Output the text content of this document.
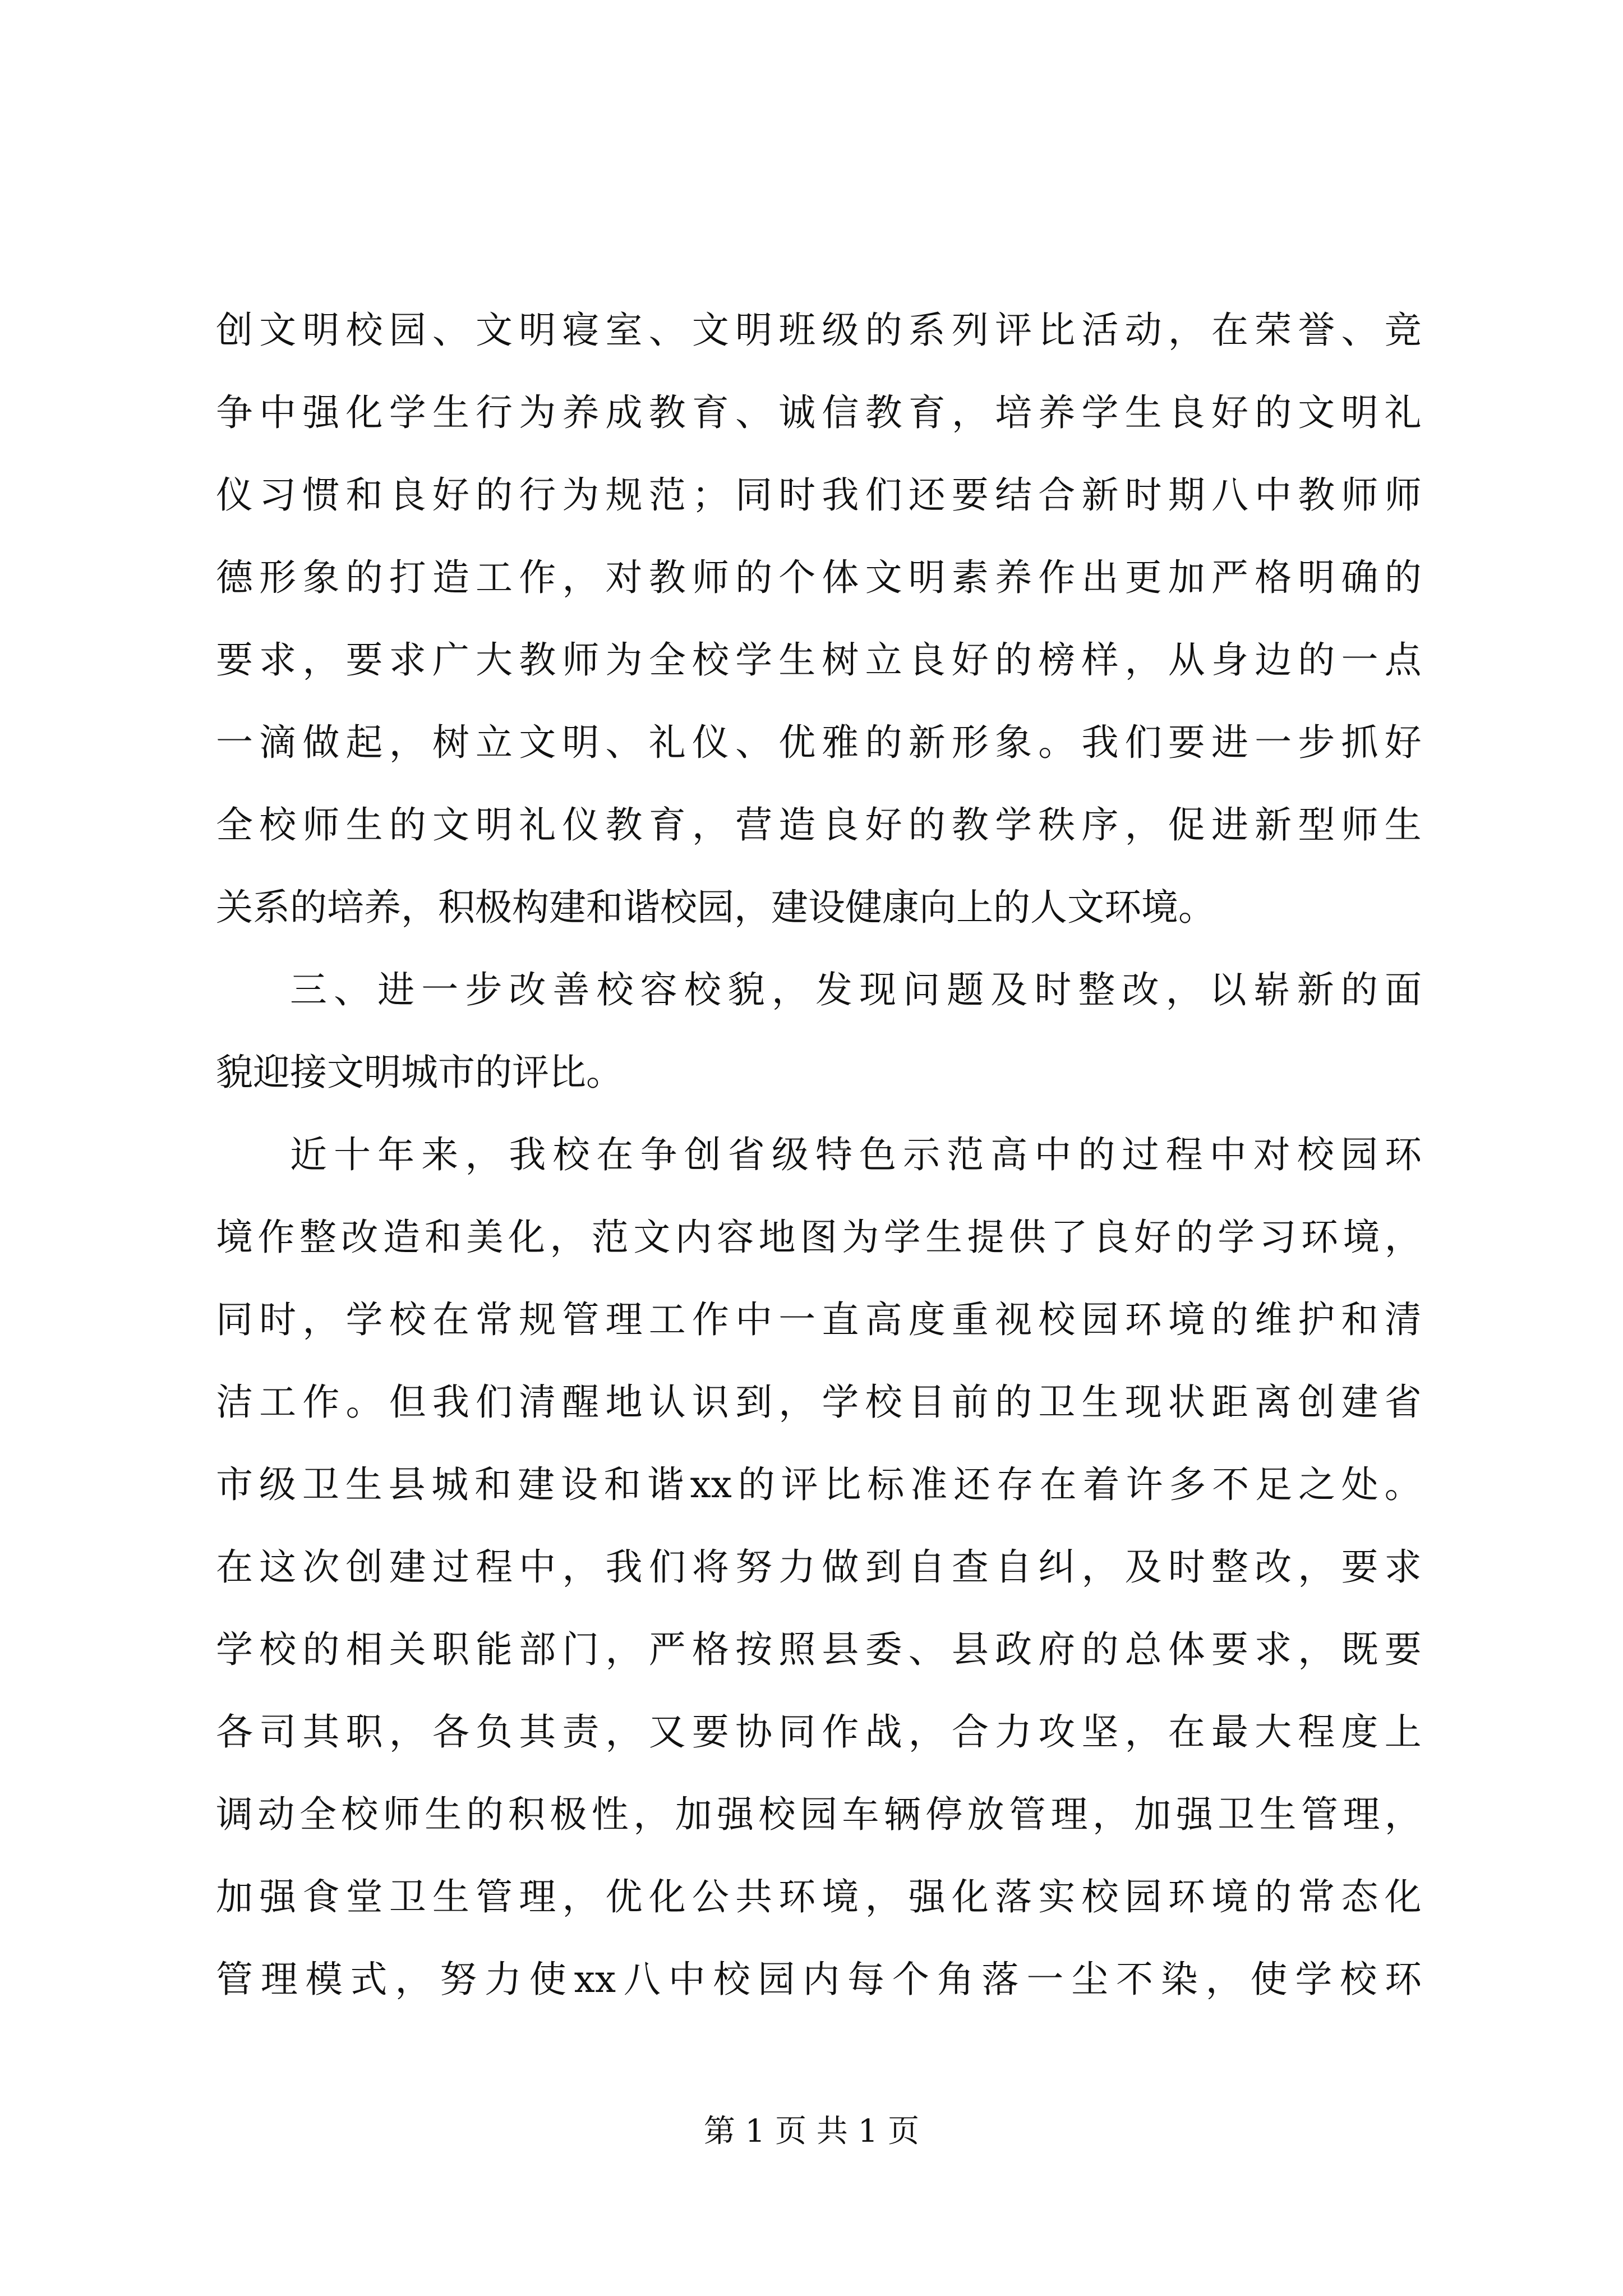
创 文 明 校 园 、 文 明 寝 室 、 文 明 班 级 的 系 列 评 比 活 动 ， 在 荣 誉 、 竞
争 中 强 化 学 生 行 为 养 成 教 育 、 诚 信 教 育 ， 培 养 学 生 良 好 的 文 明 礼
仪 习 惯 和 良 好 的 行 为 规 范 ； 同 时 我 们 还 要 结 合 新 时 期 八 中 教 师 师
德 形 象 的 打 造 工 作 ， 对 教 师 的 个 体 文 明 素 养 作 出 更 加 严 格 明 确 的
要 求 ， 要 求 广 大 教 师 为 全 校 学 生 树 立 良 好 的 榜 样 ， 从 身 边 的 一 点
一 滴 做 起 ， 树 立 文 明 、 礼 仪 、 优 雅 的 新 形 象 。 我 们 要 进 一 步 抓 好
全 校 师 生 的 文 明 礼 仪 教 育 ， 营 造 良 好 的 教 学 秩 序 ， 促 进 新 型 师 生
关系的培养，积极构建和谐校园，建设健康向上的人文环境。
三 、 进 一 步 改 善 校 容 校 貌 ， 发 现 问 题 及 时 整 改 ， 以 崭 新 的 面
貌迎接文明城市的评比。
近 十 年 来 ， 我 校 在 争 创 省 级 特 色 示 范 高 中 的 过 程 中 对 校 园 环
境 作 整 改 造 和 美 化 ， 范 文 内 容 地 图 为 学 生 提 供 了 良 好 的 学 习 环 境 ，
同 时 ， 学 校 在 常 规 管 理 工 作 中 一 直 高 度 重 视 校 园 环 境 的 维 护 和 清
洁 工 作 。 但 我 们 清 醒 地 认 识 到 ， 学 校 目 前 的 卫 生 现 状 距 离 创 建 省
市 级 卫 生 县 城 和 建 设 和 谐 xx 的 评 比 标 准 还 存 在 着 许 多 不 足 之 处 。
在 这 次 创 建 过 程 中 ， 我 们 将 努 力 做 到 自 查 自 纠 ， 及 时 整 改 ， 要 求
学 校 的 相 关 职 能 部 门 ， 严 格 按 照 县 委 、 县 政 府 的 总 体 要 求 ， 既 要
各 司 其 职 ， 各 负 其 责 ， 又 要 协 同 作 战 ， 合 力 攻 坚 ， 在 最 大 程 度 上
调 动 全 校 师 生 的 积 极 性 ， 加 强 校 园 车 辆 停 放 管 理 ， 加 强 卫 生 管 理 ，
加 强 食 堂 卫 生 管 理 ， 优 化 公 共 环 境 ， 强 化 落 实 校 园 环 境 的 常 态 化
管 理 模 式 ， 努 力 使 xx 八 中 校 园 内 每 个 角 落 一 尘 不 染 ， 使 学 校 环
第 1 页 共 1 页
